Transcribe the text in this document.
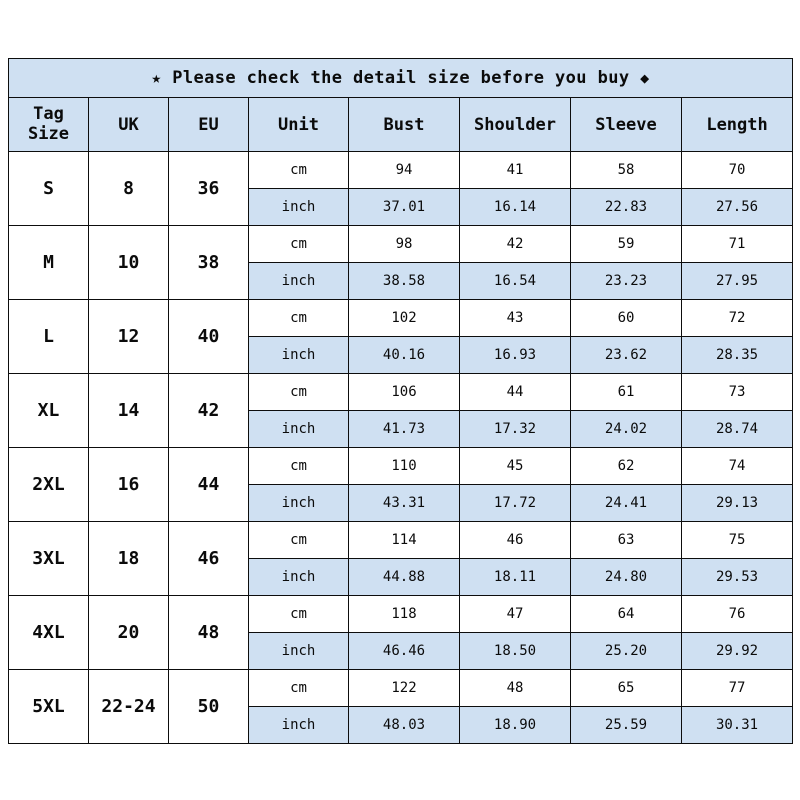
★ Please check the detail size before you buy ◆							

Tag
Size	UK	EU	Unit	Bust	Shoulder	Sleeve	Length
S	8	36	cm	94	41	58	70
			inch	37.01	16.14	22.83	27.56
M	10	38	cm	98	42	59	71
			inch	38.58	16.54	23.23	27.95
L	12	40	cm	102	43	60	72
			inch	40.16	16.93	23.62	28.35
XL	14	42	cm	106	44	61	73
			inch	41.73	17.32	24.02	28.74
2XL	16	44	cm	110	45	62	74
			inch	43.31	17.72	24.41	29.13
3XL	18	46	cm	114	46	63	75
			inch	44.88	18.11	24.80	29.53
4XL	20	48	cm	118	47	64	76
			inch	46.46	18.50	25.20	29.92
5XL	22-24	50	cm	122	48	65	77
			inch	48.03	18.90	25.59	30.31
